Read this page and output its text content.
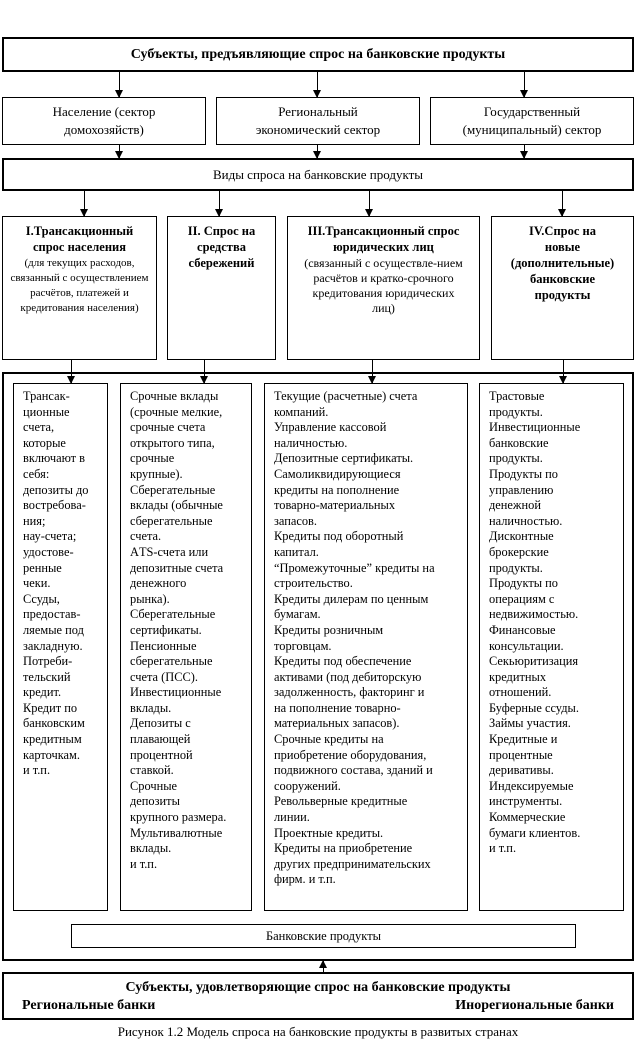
Субъекты, предъявляющие спрос на банковские продукты
Население (сектор домохозяйств)
Региональный экономический сектор
Государственный (муниципальный) сектор
Виды спроса на банковские продукты
I.Трансакционный спрос населения
(для текущих расходов, связанный с осуществлением расчётов, платежей и кредитования населения)
II. Спрос на средства сбережений
III.Трансакционный спрос юридических лиц
(связанный с осуществле-нием расчётов и кратко-срочного кредитования юридических лиц)
IV.Спрос на новые (дополнительные) банковские продукты
Трансак-
ционные
счета,
которые
включают в
себя:
депозиты до
востребова-
ния;
нау-счета;
удостове-
ренные
чеки.
Ссуды,
предостав-
ляемые под
закладную.
Потреби-
тельский
кредит.
Кредит по
банковским
кредитным
карточкам.
и т.п.
Срочные вклады
(срочные мелкие,
срочные счета
открытого типа,
срочные
крупные).
Сберегательные
вклады (обычные
сберегательные
счета.
АTS-счета или
депозитные счета
денежного
рынка).
Сберегательные
сертификаты.
Пенсионные
сберегательные
счета (ПСС).
Инвестиционные
вклады.
Депозиты с
плавающей
процентной
ставкой.
Срочные
депозиты
крупного размера.
Мультивалютные
вклады.
и т.п.
Текущие (расчетные) счета
компаний.
Управление кассовой
наличностью.
Депозитные сертификаты.
Самоликвидирующиеся
кредиты на пополнение
товарно-материальных
запасов.
Кредиты под оборотный
капитал.
“Промежуточные” кредиты на
строительство.
Кредиты дилерам по ценным
бумагам.
Кредиты розничным
торговцам.
Кредиты под обеспечение
активами (под дебиторскую
задолженность, факторинг и
на пополнение товарно-
материальных запасов).
Срочные кредиты на
приобретение оборудования,
подвижного состава, зданий и
сооружений.
Револьверные кредитные
линии.
Проектные кредиты.
Кредиты на приобретение
других предпринимательских
фирм. и т.п.
Трастовые
продукты.
Инвестиционные
банковские
продукты.
Продукты по
управлению
денежной
наличностью.
Дисконтные
брокерские
продукты.
Продукты по
операциям с
недвижимостью.
Финансовые
консультации.
Секьюритизация
кредитных
отношений.
Буферные ссуды.
Займы участия.
Кредитные и
процентные
деривативы.
Индексируемые
инструменты.
Коммерческие
бумаги клиентов.
и т.п.
Банковские продукты
Субъекты, удовлетворяющие спрос на банковские продукты
Региональные банки	Инорегиональные банки
Рисунок 1.2 Модель спроса на банковские продукты в развитых странах
